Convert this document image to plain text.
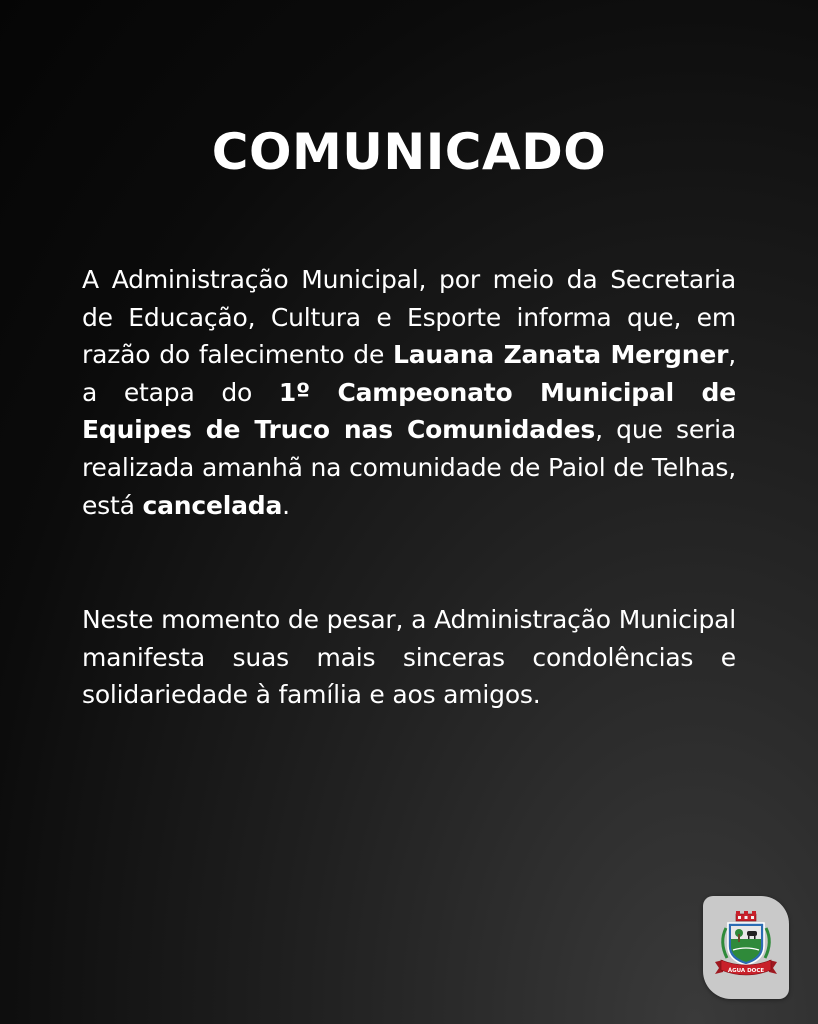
COMUNICADO
A Administração Municipal, por meio da Secretaria de Educação, Cultura e Esporte informa que, em razão do falecimento de Lauana Zanata Mergner, a etapa do 1º Campeonato Municipal de Equipes de Truco nas Comunidades, que seria realizada amanhã na comunidade de Paiol de Telhas, está cancelada.
Neste momento de pesar, a Administração Municipal manifesta suas mais sinceras condolências e solidariedade à família e aos amigos.
ÁGUA DOCE
